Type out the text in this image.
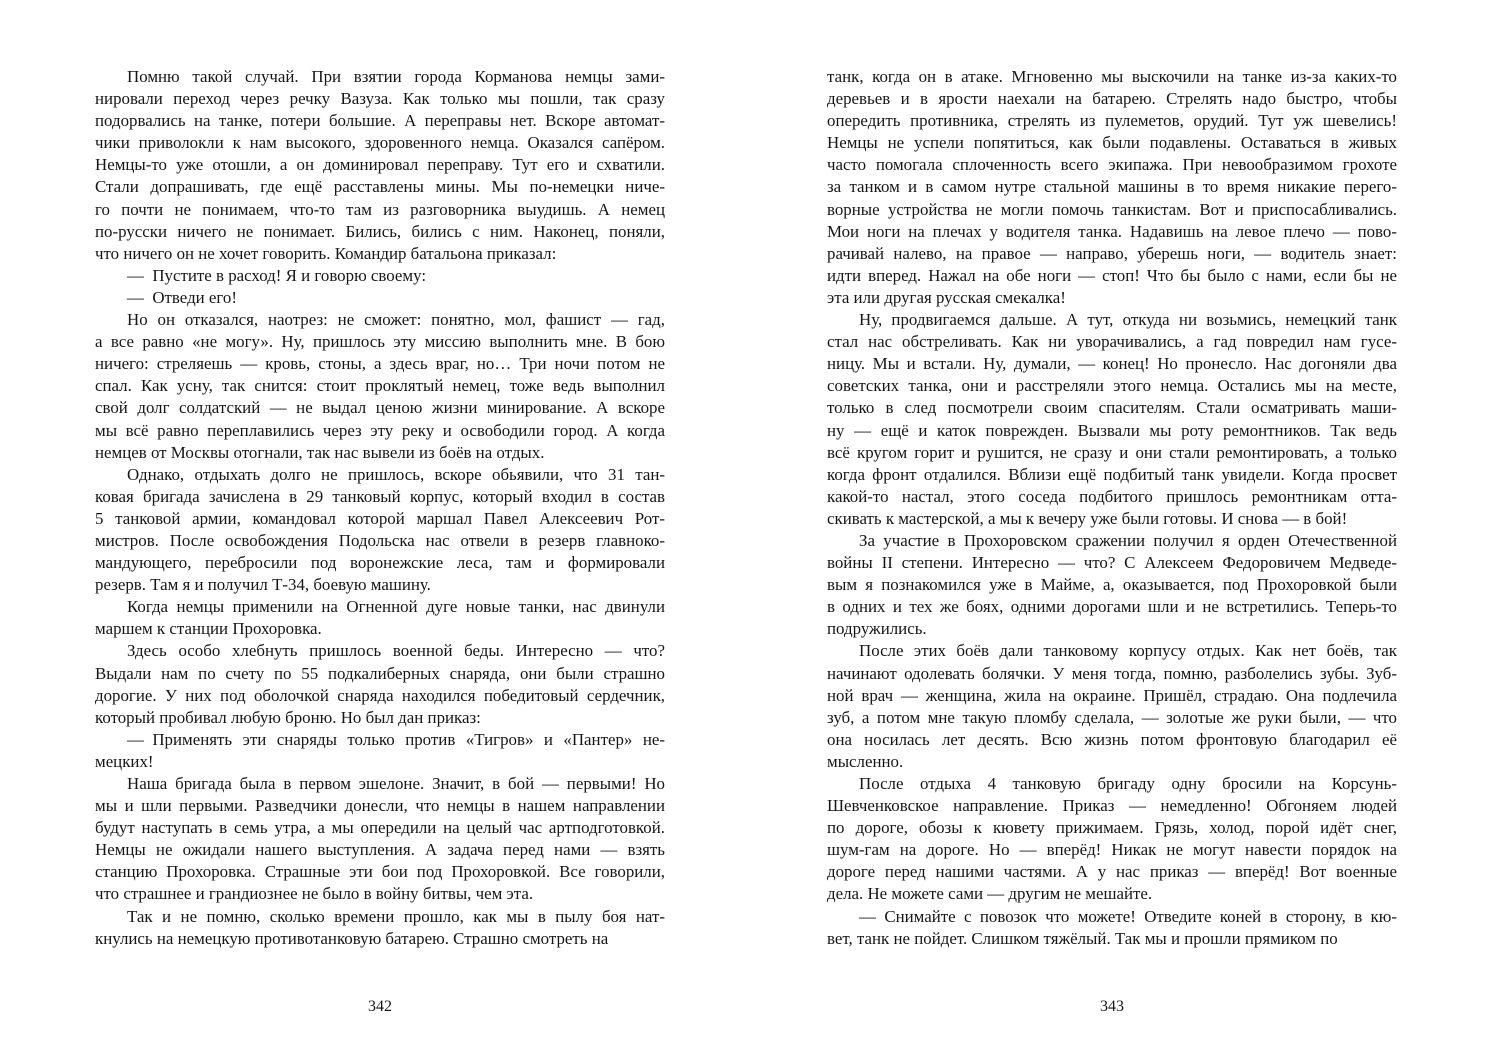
Помню такой случай. При взятии города Корманова немцы зами-
нировали переход через речку Вазуза. Как только мы пошли, так сразу
подорвались на танке, потери большие. А переправы нет. Вскоре автомат-
чики приволокли к нам высокого, здоровенного немца. Оказался сапёром.
Немцы-то уже отошли, а он доминировал переправу. Тут его и схватили.
Стали допрашивать, где ещё расставлены мины. Мы по-немецки ниче-
го почти не понимаем, что-то там из разговорника выудишь. А немец
по-русски ничего не понимает. Бились, бились с ним. Наконец, поняли,
что ничего он не хочет говорить. Командир батальона приказал:

— Пустите в расход! Я и говорю своему:

— Отведи его!

Но он отказался, наотрез: не сможет: понятно, мол, фашист — гад,
а все равно «не могу». Ну, пришлось эту миссию выполнить мне. В бою
ничего: стреляешь — кровь, стоны, а здесь враг, но… Три ночи потом не
спал. Как усну, так снится: стоит проклятый немец, тоже ведь выполнил
свой долг солдатский — не выдал ценою жизни минирование. А вскоре
мы всё равно переплавились через эту реку и освободили город. А когда
немцев от Москвы отогнали, так нас вывели из боёв на отдых.

Однако, отдыхать долго не пришлось, вскоре обьявили, что 31 тан-
ковая бригада зачислена в 29 танковый корпус, который входил в состав
5 танковой армии, командовал которой маршал Павел Алексеевич Рот-
мистров. После освобождения Подольска нас отвели в резерв главноко-
мандующего, перебросили под воронежские леса, там и формировали
резерв. Там я и получил Т-34, боевую машину.

Когда немцы применили на Огненной дуге новые танки, нас двинули
маршем к станции Прохоровка.

Здесь особо хлебнуть пришлось военной беды. Интересно — что?
Выдали нам по счету по 55 подкалиберных снаряда, они были страшно
дорогие. У них под оболочкой снаряда находился победитовый сердечник,
который пробивал любую броню. Но был дан приказ:

— Применять эти снаряды только против «Тигров» и «Пантер» не-
мецких!

Наша бригада была в первом эшелоне. Значит, в бой — первыми! Но
мы и шли первыми. Разведчики донесли, что немцы в нашем направлении
будут наступать в семь утра, а мы опередили на целый час артподготовкой.
Немцы не ожидали нашего выступления. А задача перед нами — взять
станцию Прохоровка. Страшные эти бои под Прохоровкой. Все говорили,
что страшнее и грандиознее не было в войну битвы, чем эта.

Так и не помню, сколько времени прошло, как мы в пылу боя нат-
кнулись на немецкую противотанковую батарею. Страшно смотреть на

342

танк, когда он в атаке. Мгновенно мы выскочили на танке из-за каких-то
деревьев и в ярости наехали на батарею. Стрелять надо быстро, чтобы
опередить противника, стрелять из пулеметов, орудий. Тут уж шевелись!
Немцы не успели попятиться, как были подавлены. Оставаться в живых
часто помогала сплоченность всего экипажа. При невообразимом грохоте
за танком и в самом нутре стальной машины в то время никакие перего-
ворные устройства не могли помочь танкистам. Вот и приспосабливались.
Мои ноги на плечах у водителя танка. Надавишь на левое плечо — пово-
рачивай налево, на правое — направо, уберешь ноги, — водитель знает:
идти вперед. Нажал на обе ноги — стоп! Что бы было с нами, если бы не
эта или другая русская смекалка!

Ну, продвигаемся дальше. А тут, откуда ни возьмись, немецкий танк
стал нас обстреливать. Как ни уворачивались, а гад повредил нам гусе-
ницу. Мы и встали. Ну, думали, — конец! Но пронесло. Нас догоняли два
советских танка, они и расстреляли этого немца. Остались мы на месте,
только в след посмотрели своим спасителям. Стали осматривать маши-
ну — ещё и каток поврежден. Вызвали мы роту ремонтников. Так ведь
всё кругом горит и рушится, не сразу и они стали ремонтировать, а только
когда фронт отдалился. Вблизи ещё подбитый танк увидели. Когда просвет
какой-то настал, этого соседа подбитого пришлось ремонтникам отта-
скивать к мастерской, а мы к вечеру уже были готовы. И снова — в бой!

За участие в Прохоровском сражении получил я орден Отечественной
войны II степени. Интересно — что? С Алексеем Федоровичем Медведе-
вым я познакомился уже в Майме, а, оказывается, под Прохоровкой были
в одних и тех же боях, одними дорогами шли и не встретились. Теперь-то
подружились.

После этих боёв дали танковому корпусу отдых. Как нет боёв, так
начинают одолевать болячки. У меня тогда, помню, разболелись зубы. Зуб-
ной врач — женщина, жила на окраине. Пришёл, страдаю. Она подлечила
зуб, а потом мне такую пломбу сделала, — золотые же руки были, — что
она носилась лет десять. Всю жизнь потом фронтовую благодарил её
мысленно.

После отдыха 4 танковую бригаду одну бросили на Корсунь-
Шевченковское направление. Приказ — немедленно! Обгоняем людей
по дороге, обозы к кювету прижимаем. Грязь, холод, порой идёт снег,
шум-гам на дороге. Но — вперёд! Никак не могут навести порядок на
дороге перед нашими частями. А у нас приказ — вперёд! Вот военные
дела. Не можете сами — другим не мешайте.

— Снимайте с повозок что можете! Отведите коней в сторону, в кю-
вет, танк не пойдет. Слишком тяжёлый. Так мы и прошли прямиком по

343
